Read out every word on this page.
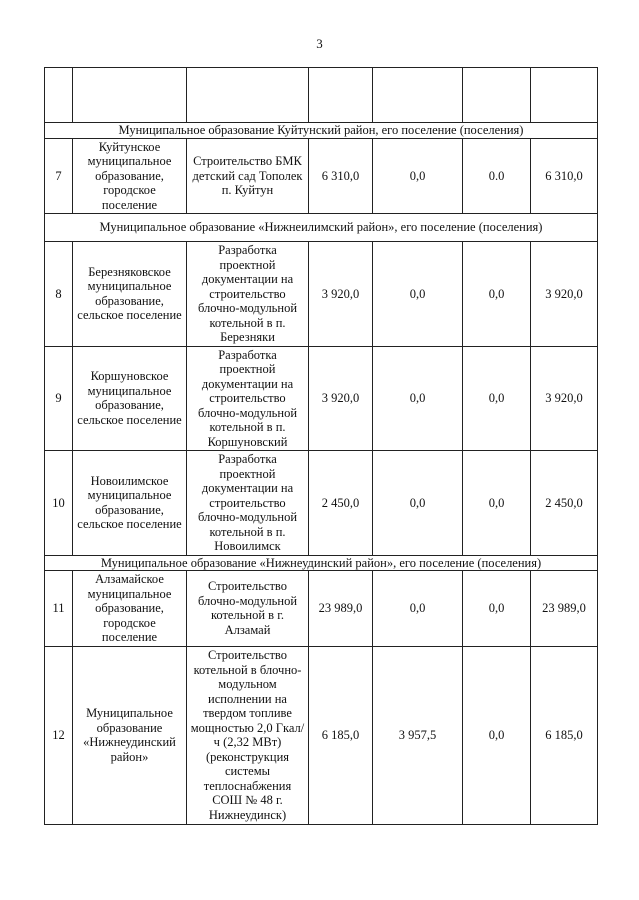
3

Муниципальное образование Куйтунский район, его поселение (поселения)						
7	Куйтунское муниципальное образование, городское поселение	Строительство БМК детский сад Тополек п. Куйтун	6 310,0	0,0	0.0	6 310,0
Муниципальное образование «Нижнеилимский район», его поселение (поселения)						
8	Березняковское муниципальное образование, сельское поселение	Разработка проектной документации на строительство блочно-модульной котельной в п. Березняки	3 920,0	0,0	0,0	3 920,0
9	Коршуновское муниципальное образование, сельское поселение	Разработка проектной документации на строительство блочно-модульной котельной в п. Коршуновский	3 920,0	0,0	0,0	3 920,0
10	Новоилимское муниципальное образование, сельское поселение	Разработка проектной документации на строительство блочно-модульной котельной в п. Новоилимск	2 450,0	0,0	0,0	2 450,0
Муниципальное образование «Нижнеудинский район», его поселение (поселения)						
11	Алзамайское муниципальное образование, городское поселение	Строительство блочно-модульной котельной в г. Алзамай	23 989,0	0,0	0,0	23 989,0
12	Муниципальное образование «Нижнеудинский район»	Строительство котельной в блочно-модульном исполнении на твердом топливе мощностью 2,0 Гкал/ч (2,32 МВт) (реконструкция системы теплоснабжения СОШ № 48 г. Нижнеудинск)	6 185,0	3 957,5	0,0	6 185,0
